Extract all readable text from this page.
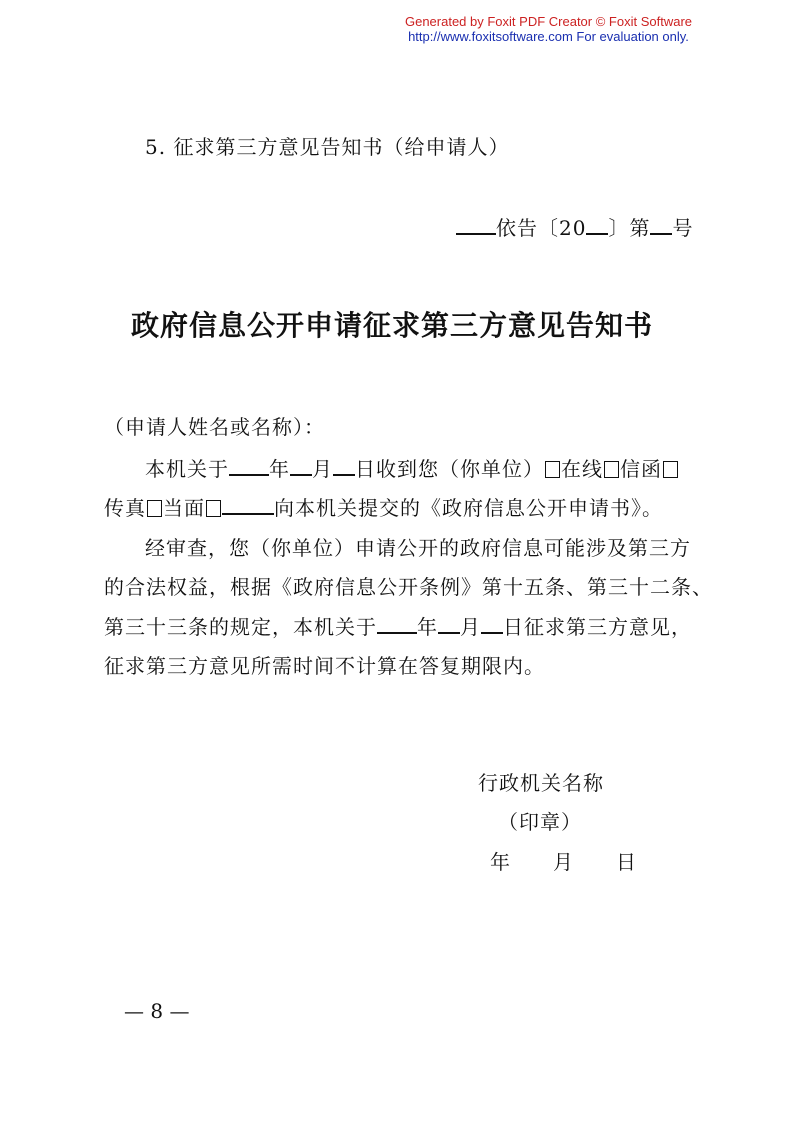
Generated by Foxit PDF Creator © Foxit Software
http://www.foxitsoftware.com For evaluation only.
5. 征求第三方意见告知书（给申请人）
依告〔20 〕第 号
政府信息公开申请征求第三方意见告知书
（申请人姓名或名称）：
本机关于 年 月 日收到您（你单位） 在线 信函
传真 当面	向本机关提交的《政府信息公开申请书》。
经审查，您（你单位）申请公开的政府信息可能涉及第三方
的合法权益，根据《政府信息公开条例》第十五条、第三十二条、
第三十三条的规定，本机关于 年 月 日征求第三方意见，
征求第三方意见所需时间不计算在答复期限内。
行政机关名称
（印章）
年　　月　　日
— 8 —
